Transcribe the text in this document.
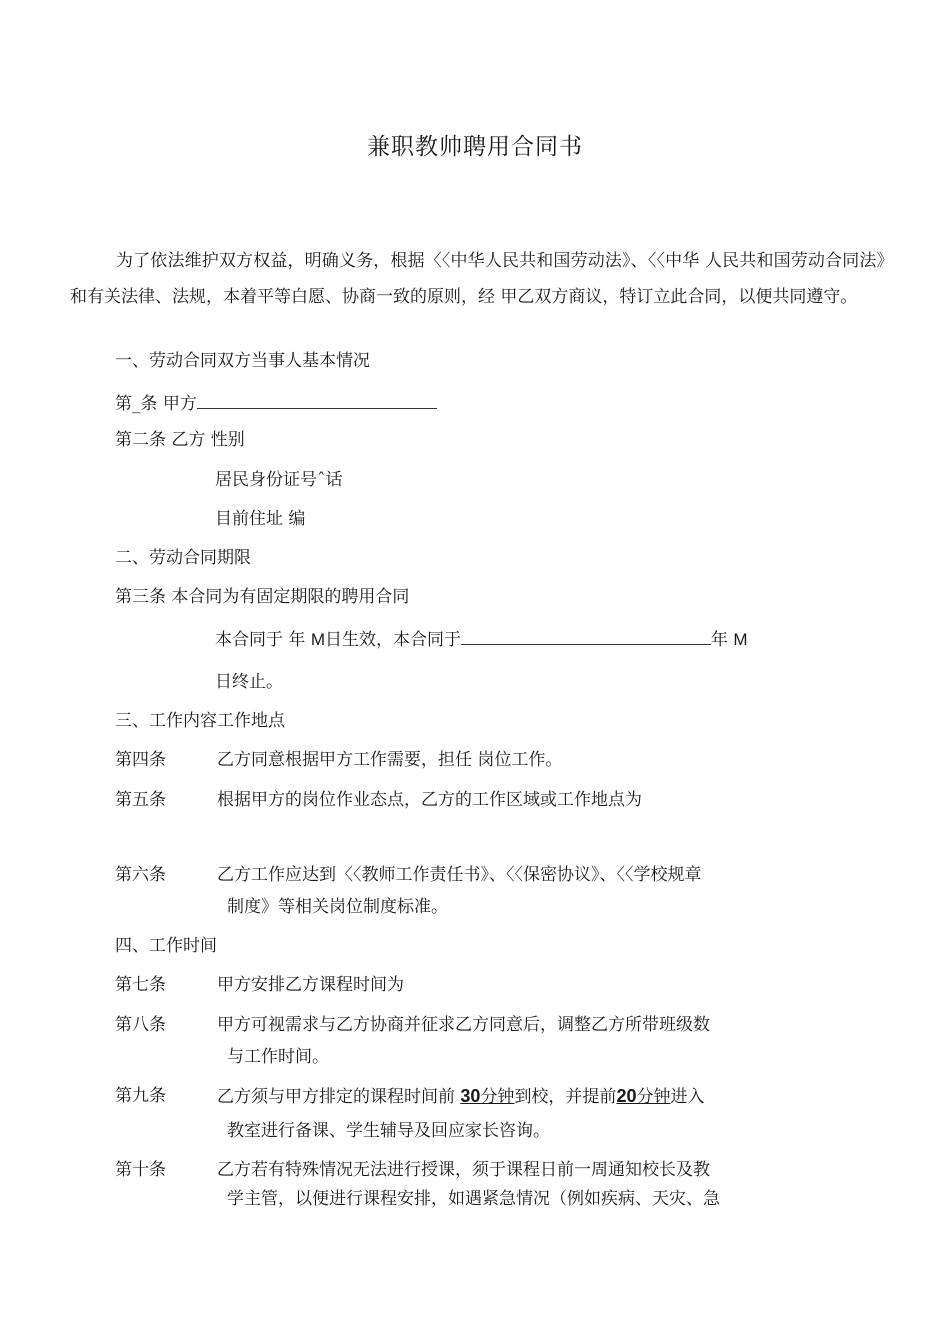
兼职教帅聘用合同书
为了依法维护双方权益，明确义务，根据〈〈中华人民共和国劳动法》、〈〈中华 人民共和国劳动合同法》和有关法律、法规，本着平等白愿、协商一致的原则，经 甲乙双方商议，特订立此合同，以便共同遵守。
一、劳动合同双方当事人基本情况
第_条 甲方
第二条 乙方 性别
居民身份证号ˆ话
目前住址 编
二、劳动合同期限
第三条 本合同为有固定期限的聘用合同
本合同于 年 M日生效，本合同于	年 M
日终止。
三、工作内容工作地点
第四条	乙方同意根据甲方工作需要，担任 岗位工作。
第五条	根据甲方的岗位作业态点，乙方的工作区域或工作地点为
第六条	乙方工作应达到〈〈教师工作责任书》、〈〈保密协议》、〈〈学校规章
制度》等相关岗位制度标准。
四、工作时间
第七条	甲方安排乙方课程时间为
第八条	甲方可视需求与乙方协商并征求乙方同意后，调整乙方所带班级数
与工作时间。
第九条	乙方须与甲方排定的课程时间前 30分钟到校，并提前20分钟进入
教室进行备课、学生辅导及回应家长咨询。
第十条	乙方若有特殊情况无法进行授课，须于课程日前一周通知校长及教
学主管，以便进行课程安排，如遇紧急情况（例如疾病、天灾、急
